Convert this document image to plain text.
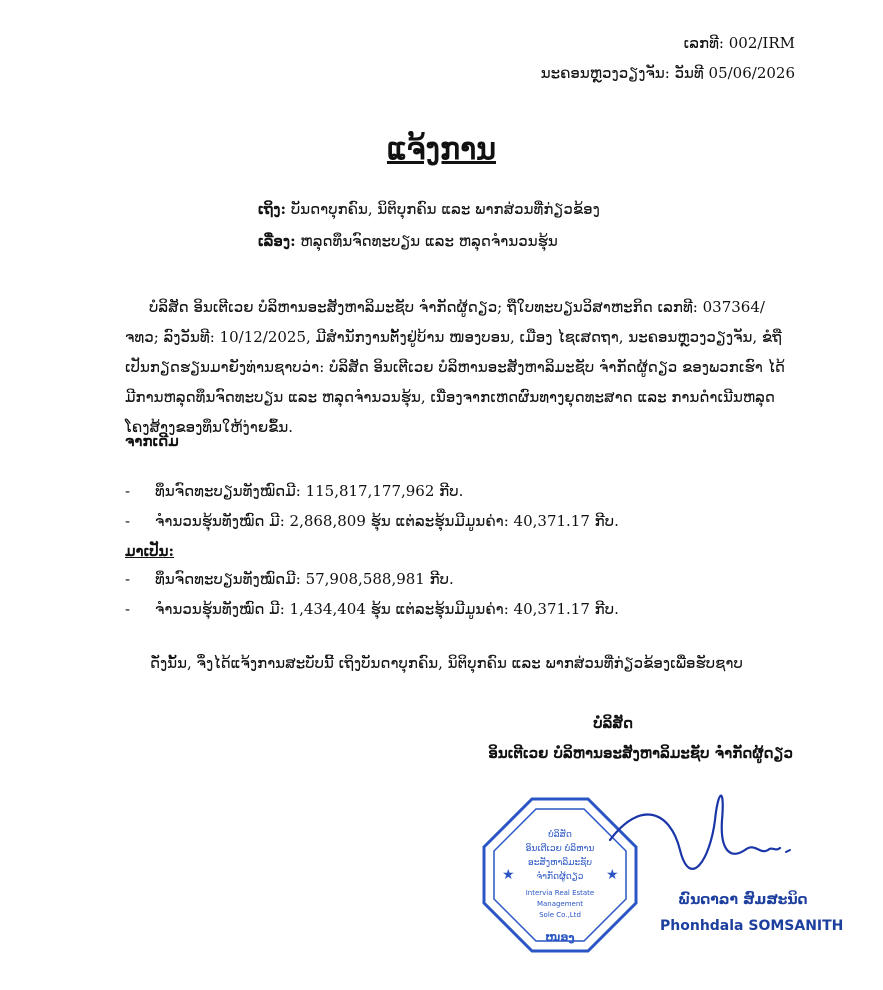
ເລກທີ: 002/IRM
ນະຄອນຫຼວງວຽງຈັນ: ວັນທີ 05/06/2026
ແຈ້ງການ
ເຖິງ: ບັນດາບຸກຄົນ, ນິຕິບຸກຄົນ ແລະ ພາກສ່ວນທີ່ກ່ຽວຂ້ອງ
ເລື່ອງ: ຫລຸດທຶນຈົດທະບຽນ ແລະ ຫລຸດຈຳນວນຮຸ້ນ

ບໍລິສັດ ອິນເຕີເວຍ ບໍລິຫານອະສັງຫາລິມະຊັບ ຈຳກັດຜູ້ດຽວ; ຖືໃບທະບຽນວິສາຫະກິດ ເລກທີ: 037364/ຈທວ; ລົງວັນທີ: 10/12/2025, ມີສຳນັກງານຕັ້ງຢູ່ບ້ານ ໜອງບອນ, ເມືອງ ໄຊເສດຖາ, ນະຄອນຫຼວງວຽງຈັນ, ຂໍຖືເປັນກຽດຮຽນມາຍັງທ່ານຊາບວ່າ: ບໍລິສັດ ອິນເຕີເວຍ ບໍລິຫານອະສັງຫາລິມະຊັບ ຈຳກັດຜູ້ດຽວ ຂອງພວກເຮົາ ໄດ້ມີການຫລຸດທຶນຈົດທະບຽນ ແລະ ຫລຸດຈຳນວນຮຸ້ນ, ເນື່ອງຈາກເຫດຜົນທາງຍຸດທະສາດ ແລະ ການດຳເນີນຫລຸດໂຄງສ້າງຂອງທຶນໃຫ້ງ່າຍຂຶ້ນ.

ຈາກເດີມ
- ທຶນຈົດທະບຽນທັງໝົດມີ: 115,817,177,962 ກີບ.
- ຈຳນວນຮຸ້ນທັງໝົດ ມີ: 2,868,809 ຮຸ້ນ ແຕ່ລະຮຸ້ນມີມູນຄ່າ: 40,371.17 ກີບ.
ມາເປັນ:
- ທຶນຈົດທະບຽນທັງໝົດມີ: 57,908,588,981 ກີບ.
- ຈຳນວນຮຸ້ນທັງໝົດ ມີ: 1,434,404 ຮຸ້ນ ແຕ່ລະຮຸ້ນມີມູນຄ່າ: 40,371.17 ກີບ.
ດັ່ງນັ້ນ, ຈຶ່ງໄດ້ແຈ້ງການສະບັບນີ້ ເຖິງບັນດາບຸກຄົນ, ນິຕິບຸກຄົນ ແລະ ພາກສ່ວນທີ່ກ່ຽວຂ້ອງເພື່ອຮັບຊາບ
ບໍລິສັດ
ອິນເຕີເວຍ ບໍລິຫານອະສັງຫາລິມະຊັບ ຈຳກັດຜູ້ດຽວ
★	★
ບໍລິສັດ
ອິນເຕີເວຍ ບໍລິຫານ
ອະສັງຫາລິມະຊັບ
ຈຳກັດຜູ້ດຽວ
Intervia Real Estate
Management
Sole Co.,Ltd
ໜອງ
ພົນດາລາ ສົມສະນິດ
Phonhdala SOMSANITH
